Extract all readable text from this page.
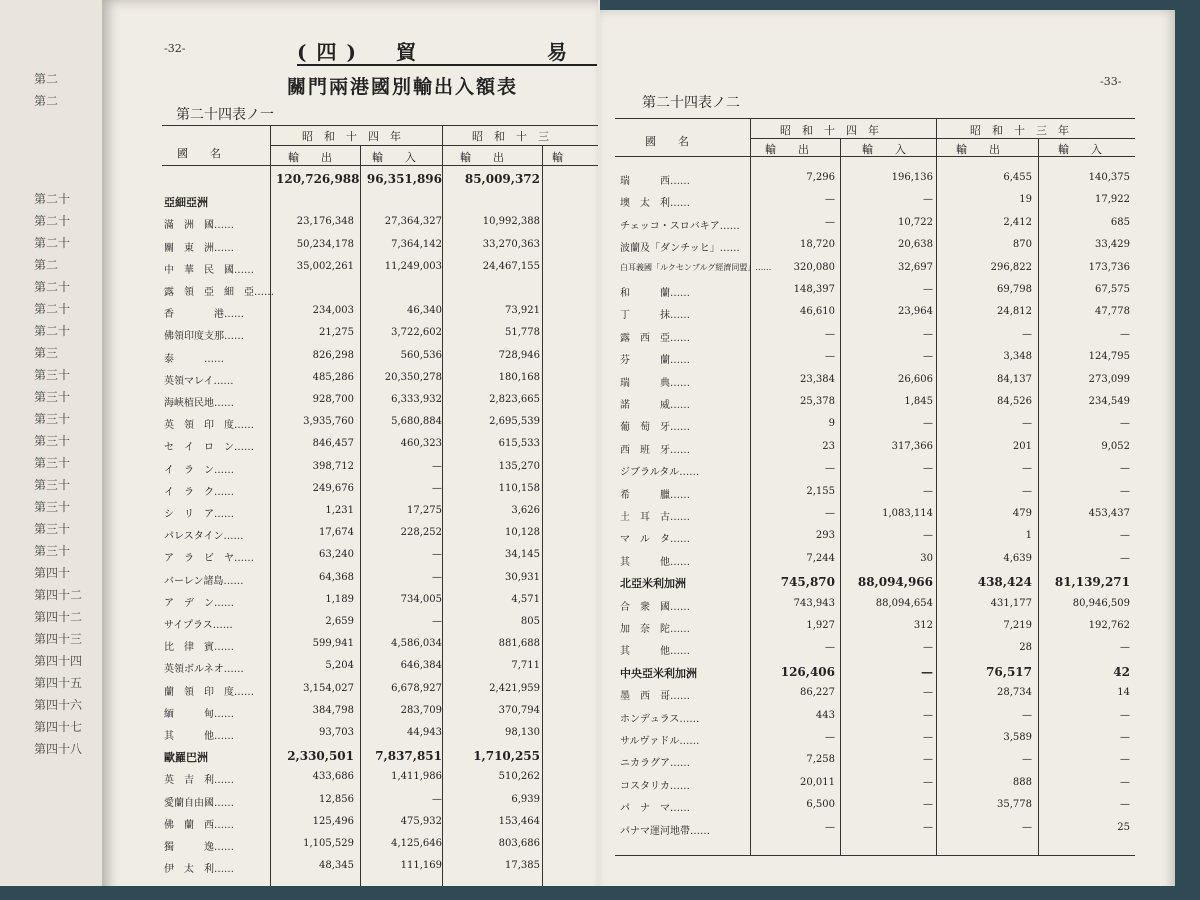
第二
第二
第二十
第二十
第二十
第二
第二十
第二十
第二十
第三
第三十
第三十
第三十
第三十
第三十
第三十
第三十
第三十
第三十
第四十
第四十二
第四十二
第四十三
第四十四
第四十五
第四十六
第四十七
第四十八
-32-	(四)　 貿	易
關門兩港國別輸出入額表
第二十四表ノ一
國　　名
昭　和　十　四　年	昭　和　十　三
輸　　出	輸　　入	輸　　出	輸
120,726,988 96,351,896	85,009,372
亞細亞洲
滿　洲　國……	23,176,348	27,364,327	10,992,388
關　東　洲……	50,234,178	7,364,142	33,270,363
中　華　民　國……	35,002,261	11,249,003	24,467,155
露　領　亞　細　亞……
香　　　　港……	234,003	46,340	73,921
佛領印度支那……	21,275	3,722,602	51,778
泰　　　……	826,298	560,536	728,946
英領マレイ……	485,286	20,350,278	180,168
海峽植民地……	928,700	6,333,932	2,823,665
英　領　印　度……	3,935,760	5,680,884	2,695,539
セ　イ　ロ　ン……	846,457	460,323	615,533
イ　ラ　ン……	398,712	—	135,270
イ　ラ　ク……	249,676	—	110,158
シ　リ　ア……	1,231	17,275	3,626
パレスタイン……	17,674	228,252	10,128
ア　ラ　ビ　ヤ……	63,240	—	34,145
バーレン諸島……	64,368	—	30,931
ア　デ　ン……	1,189	734,005	4,571
サイプラス……	2,659	—	805
比　律　賓……	599,941	4,586,034	881,688
英領ボルネオ……	5,204	646,384	7,711
蘭　領　印　度……	3,154,027	6,678,927	2,421,959
緬　　　甸……	384,798	283,709	370,794
其　　　他……	93,703	44,943	98,130
歐羅巴洲	2,330,501	7,837,851	1,710,255
英　吉　利……	433,686	1,411,986	510,262
愛蘭自由國……	12,856	—	6,939
佛　蘭　西……	125,496	475,932	153,464
獨　　　逸……	1,105,529	4,125,646	803,686
伊　太　利……	48,345	111,169	17,385
-33-
第二十四表ノ二
國　　名
昭　和　十　四　年	昭　和　十　三　年
輸　　出	輸　　入	輸　　出	輸　　入
瑞　　　西……	7,296	196,136	6,455	140,375
墺　太　利……	—	—	19	17,922
チェッコ・スロバキア……	—	10,722	2,412	685
波蘭及「ダンチッヒ」……	18,720	20,638	870	33,429
白耳義國「ルクセンブルグ經濟同盟」……	320,080	32,697	296,822	173,736
和　　　蘭……	148,397	—	69,798	67,575
丁　　　抹……	46,610	23,964	24,812	47,778
露　西　亞……	—	—	—	—
芬　　　蘭……	—	—	3,348	124,795
瑞　　　典……	23,384	26,606	84,137	273,099
諾　　　威……	25,378	1,845	84,526	234,549
葡　萄　牙……	9	—	—	—
西　班　牙……	23	317,366	201	9,052
ジブラルタル……	—	—	—	—
希　　　臘……	2,155	—	—	—
土　耳　古……	—	1,083,114	479	453,437
マ　ル　タ……	293	—	1	—
其　　　他……	7,244	30	4,639	—
北亞米利加洲	745,870	88,094,966	438,424	81,139,271
合　衆　國……	743,943	88,094,654	431,177	80,946,509
加　奈　陀……	1,927	312	7,219	192,762
其　　　他……	—	—	28	—
中央亞米利加洲	126,406	—	76,517	42
墨　西　哥……	86,227	—	28,734	14
ホンデュラス……	443	—	—	—
サルヴァドル……	—	—	3,589	—
ニカラグア……	7,258	—	—	—
コスタリカ……	20,011	—	888	—
パ　ナ　マ……	6,500	—	35,778	—
パナマ運河地帶……	—	—	—	25
